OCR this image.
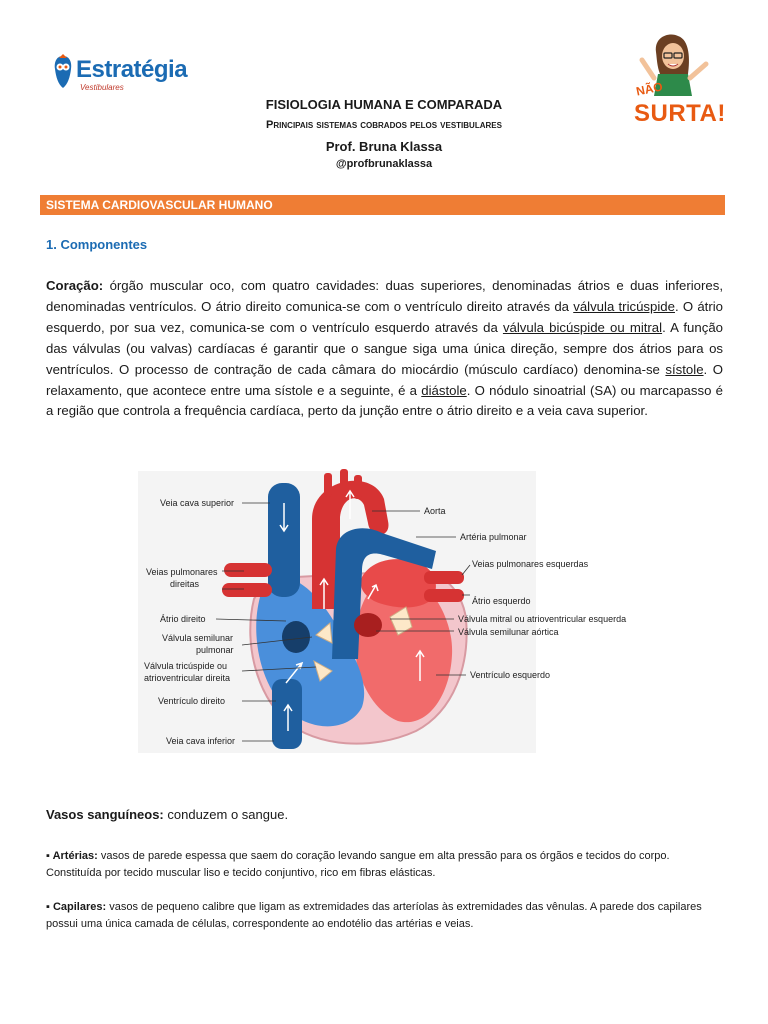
Estratégia
Vestibulares	NÃO
SURTA!
FISIOLOGIA HUMANA E COMPARADA
Principais sistemas cobrados pelos vestibulares
Prof. Bruna Klassa
@profbrunaklassa
SISTEMA CARDIOVASCULAR HUMANO
1. Componentes
Coração: órgão muscular oco, com quatro cavidades: duas superiores, denominadas átrios e duas inferiores, denominadas ventrículos. O átrio direito comunica-se com o ventrículo direito através da válvula tricúspide. O átrio esquerdo, por sua vez, comunica-se com o ventrículo esquerdo através da válvula bicúspide ou mitral. A função das válvulas (ou valvas) cardíacas é garantir que o sangue siga uma única direção, sempre dos átrios para os ventrículos. O processo de contração de cada câmara do miocárdio (músculo cardíaco) denomina-se sístole. O relaxamento, que acontece entre uma sístole e a seguinte, é a diástole. O nódulo sinoatrial (SA) ou marcapasso é a região que controla a frequência cardíaca, perto da junção entre o átrio direito e a veia cava superior.
Veia cava superior
Aorta
Artéria pulmonar
Veias pulmonares
direitas
Veias pulmonares esquerdas
Átrio esquerdo
Átrio direito	Válvula mitral ou atrioventricular esquerda
Válvula semilunar aórtica
Válvula semilunar
pulmonar
Válvula tricúspide ou
atrioventricular direita	Ventrículo esquerdo
Ventrículo direito
Veia cava inferior
Vasos sanguíneos: conduzem o sangue.
▪ Artérias: vasos de parede espessa que saem do coração levando sangue em alta pressão para os órgãos e tecidos do corpo. Constituída por tecido muscular liso e tecido conjuntivo, rico em fibras elásticas.
▪ Capilares: vasos de pequeno calibre que ligam as extremidades das arteríolas às extremidades das vênulas. A parede dos capilares possui uma única camada de células, correspondente ao endotélio das artérias e veias.
